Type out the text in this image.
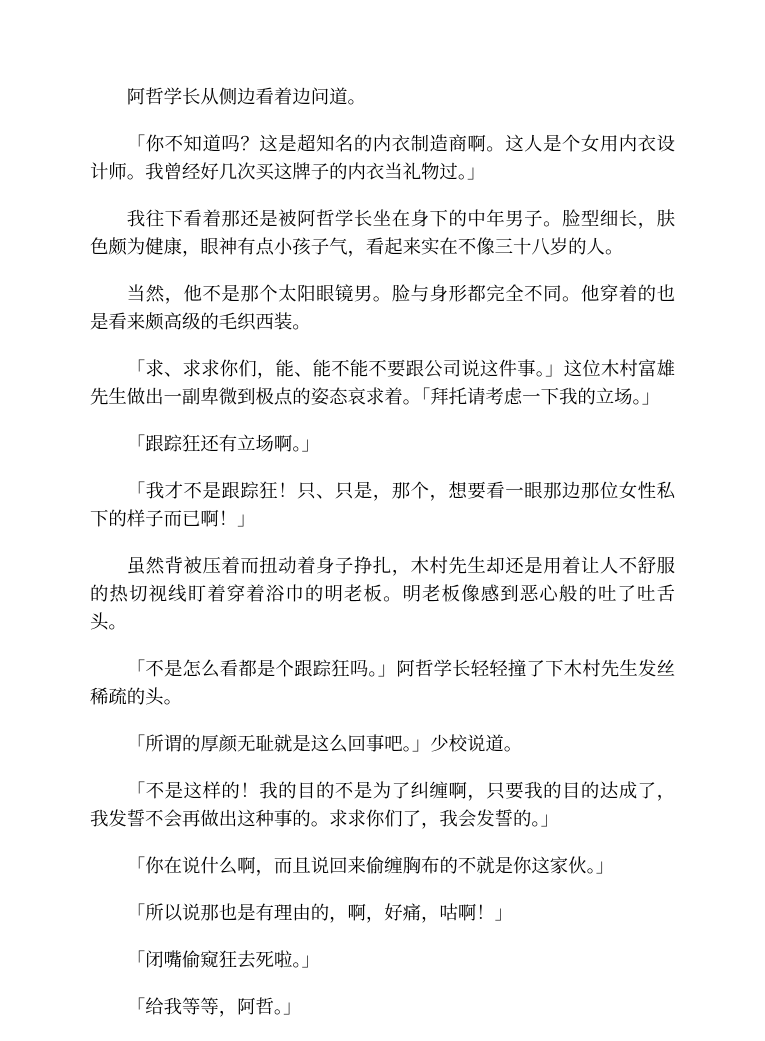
阿哲学长从侧边看着边问道。

「你不知道吗？这是超知名的内衣制造商啊。这人是个女用内衣设计师。我曾经好几次买这牌子的内衣当礼物过。」

我往下看着那还是被阿哲学长坐在身下的中年男子。脸型细长，肤色颇为健康，眼神有点小孩子气，看起来实在不像三十八岁的人。

当然，他不是那个太阳眼镜男。脸与身形都完全不同。他穿着的也是看来颇高级的毛织西装。

「求、求求你们，能、能不能不要跟公司说这件事。」这位木村富雄先生做出一副卑微到极点的姿态哀求着。「拜托请考虑一下我的立场。」

「跟踪狂还有立场啊。」

「我才不是跟踪狂！只、只是，那个，想要看一眼那边那位女性私下的样子而已啊！」

虽然背被压着而扭动着身子挣扎，木村先生却还是用着让人不舒服的热切视线盯着穿着浴巾的明老板。明老板像感到恶心般的吐了吐舌头。

「不是怎么看都是个跟踪狂吗。」阿哲学长轻轻撞了下木村先生发丝稀疏的头。

「所谓的厚颜无耻就是这么回事吧。」少校说道。

「不是这样的！我的目的不是为了纠缠啊，只要我的目的达成了，我发誓不会再做出这种事的。求求你们了，我会发誓的。」

「你在说什么啊，而且说回来偷缠胸布的不就是你这家伙。」

「所以说那也是有理由的，啊，好痛，咕啊！」

「闭嘴偷窥狂去死啦。」

「给我等等，阿哲。」
